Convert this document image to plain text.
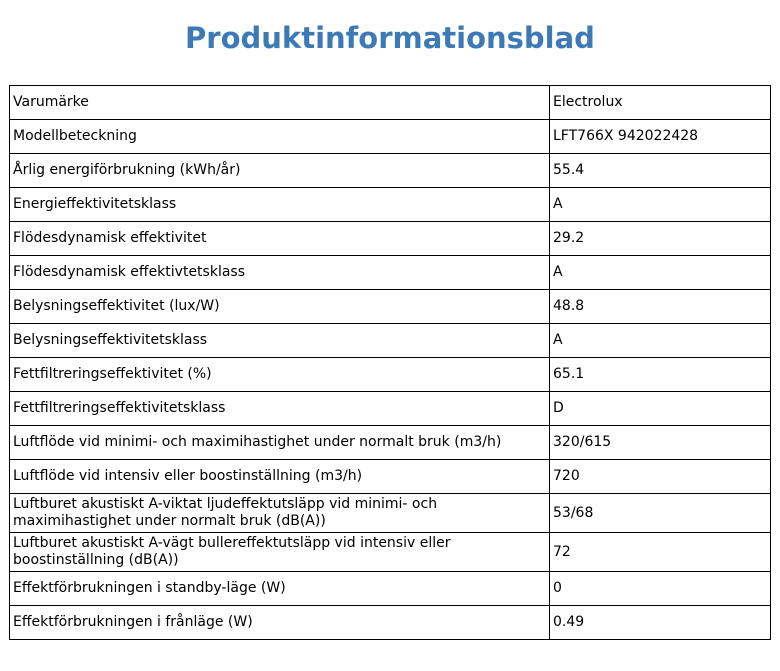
Produktinformationsblad
Varumärke	Electrolux
Modellbeteckning	LFT766X 942022428
Årlig energiförbrukning (kWh/år)	55.4
Energieffektivitetsklass	A
Flödesdynamisk effektivitet	29.2
Flödesdynamisk effektivtetsklass	A
Belysningseffektivitet (lux/W)	48.8
Belysningseffektivitetsklass	A
Fettfiltreringseffektivitet (%)	65.1
Fettfiltreringseffektivitetsklass	D
Luftflöde vid minimi- och maximihastighet under normalt bruk (m3/h)	320/615
Luftflöde vid intensiv eller boostinställning (m3/h)	720
Luftburet akustiskt A-viktat ljudeffektutsläpp vid minimi- och maximihastighet under normalt bruk (dB(A))	53/68
Luftburet akustiskt A-vägt bullereffektutsläpp vid intensiv eller boostinställning (dB(A))	72
Effektförbrukningen i standby-läge (W)	0
Effektförbrukningen i frånläge (W)	0.49
